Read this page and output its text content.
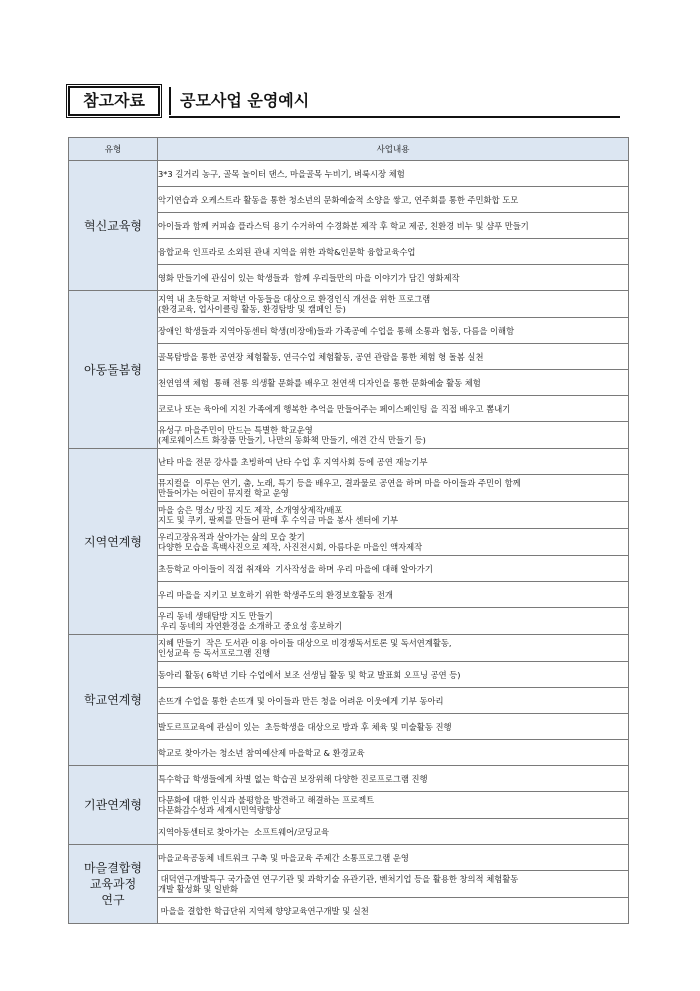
참고자료	공모사업 운영예시
유형	사업내용
혁신교육형	3*3 길거리 농구, 골목 놀이터 댄스, 마을골목 누비기, 벼룩시장 체험
	악기연습과 오케스트라 활동을 통한 청소년의 문화예술적 소양을 쌓고, 연주회를 통한 주민화합 도모
	아이들과 함께 커피숍 플라스틱 용기 수거하여 수경화분 제작 후 학교 제공, 친환경 비누 및 샴푸 만들기
	융합교육 인프라로 소외된 관내 지역을 위한 과학&인문학 융합교육수업
	영화 만들기에 관심이 있는 학생들과  함께 우리들만의 마을 이야기가 담긴 영화제작
아동돌봄형	지역 내 초등학교 저학년 아동들을 대상으로 환경인식 개선을 위한 프로그램
(환경교육, 업사이클링 활동, 환경탐방 및 캠페인 등)
	장애인 학생들과 지역아동센터 학생(비장애)들과 가족공예 수업을 통해 소통과 협동, 다름을 이해함
	골목탐방을 통한 공연장 체험활동, 연극수업 체험활동, 공연 관람을 통한 체험 형 돌봄 실천
	천연염색 체험  통해 전통 의생활 문화를 배우고 천연색 디자인을 통한 문화예술 활동 체험
	코로나 또는 육아에 지친 가족에게 행복한 추억을 만들어주는 페이스페인팅 을 직접 배우고 뽐내기
	유성구 마을주민이 만드는 특별한 학교운영
(제로웨이스트 화장품 만들기, 나만의 동화책 만들기, 애견 간식 만들기 등)
지역연계형	난타 마을 전문 강사를 초빙하여 난타 수업 후 지역사회 등에 공연 재능기부
	뮤지컬을  이루는 연기, 춤, 노래, 특기 등을 배우고, 결과물로 공연을 하며 마을 아이들과 주민이 함께
만들어가는 어린이 뮤지컬 학교 운영
	마을 숨은 명소/ 맛집 지도 제작, 소개영상제작/배포
지도 및 쿠키, 팔찌를 만들어 판매 후 수익금 마을 봉사 센터에 기부
	우리고장유적과 살아가는 삶의 모습 찾기
다양한 모습을 흑백사진으로 제작, 사진전시회, 아름다운 마을인 액자제작
	초등학교 아이들이 직접 취재와  기사작성을 하며 우리 마을에 대해 알아가기
	우리 마을을 지키고 보호하기 위한 학생주도의 환경보호활동 전개
	우리 동네 생태탐방 지도 만들기
우리 동네의 자연환경을 소개하고 중요성 홍보하기
학교연계형	지혜 만들기  작은 도서관 이용 아이들 대상으로 비경쟁독서토론 및 독서연계활동,
인성교육 등 독서프로그램 진행
	동아리 활동( 6학년 기타 수업에서 보조 선생님 활동 및 학교 발표회 오프닝 공연 등)
	손뜨개 수업을 통한 손뜨개 및 아이들과 만든 청을 어려운 이웃에게 기부 동아리
	발도르프교육에 관심이 있는  초등학생을 대상으로 방과 후 체육 및 미술활동 진행
	학교로 찾아가는 청소년 참여예산제 마을학교 & 환경교육
기관연계형	특수학급 학생들에게 차별 없는 학습권 보장위해 다양한 진로프로그램 진행
	다문화에 대한 인식과 불평함을 발견하고 해결하는 프로젝트
다문화감수성과 세계시민역량향상
	지역아동센터로 찾아가는  소프트웨어/코딩교육
마을결합형
교육과정
연구	마을교육공동체 네트워크 구축 및 마을교육 주제간 소통프로그램 운영
	대덕연구개발특구 국가출연 연구기관 및 과학기술 유관기관, 벤처기업 등을 활용한 창의적 체험활동
개발 활성화 및 일반화
	마을을 결합한 학급단위 지역체 향양교육연구개발 및 실천
